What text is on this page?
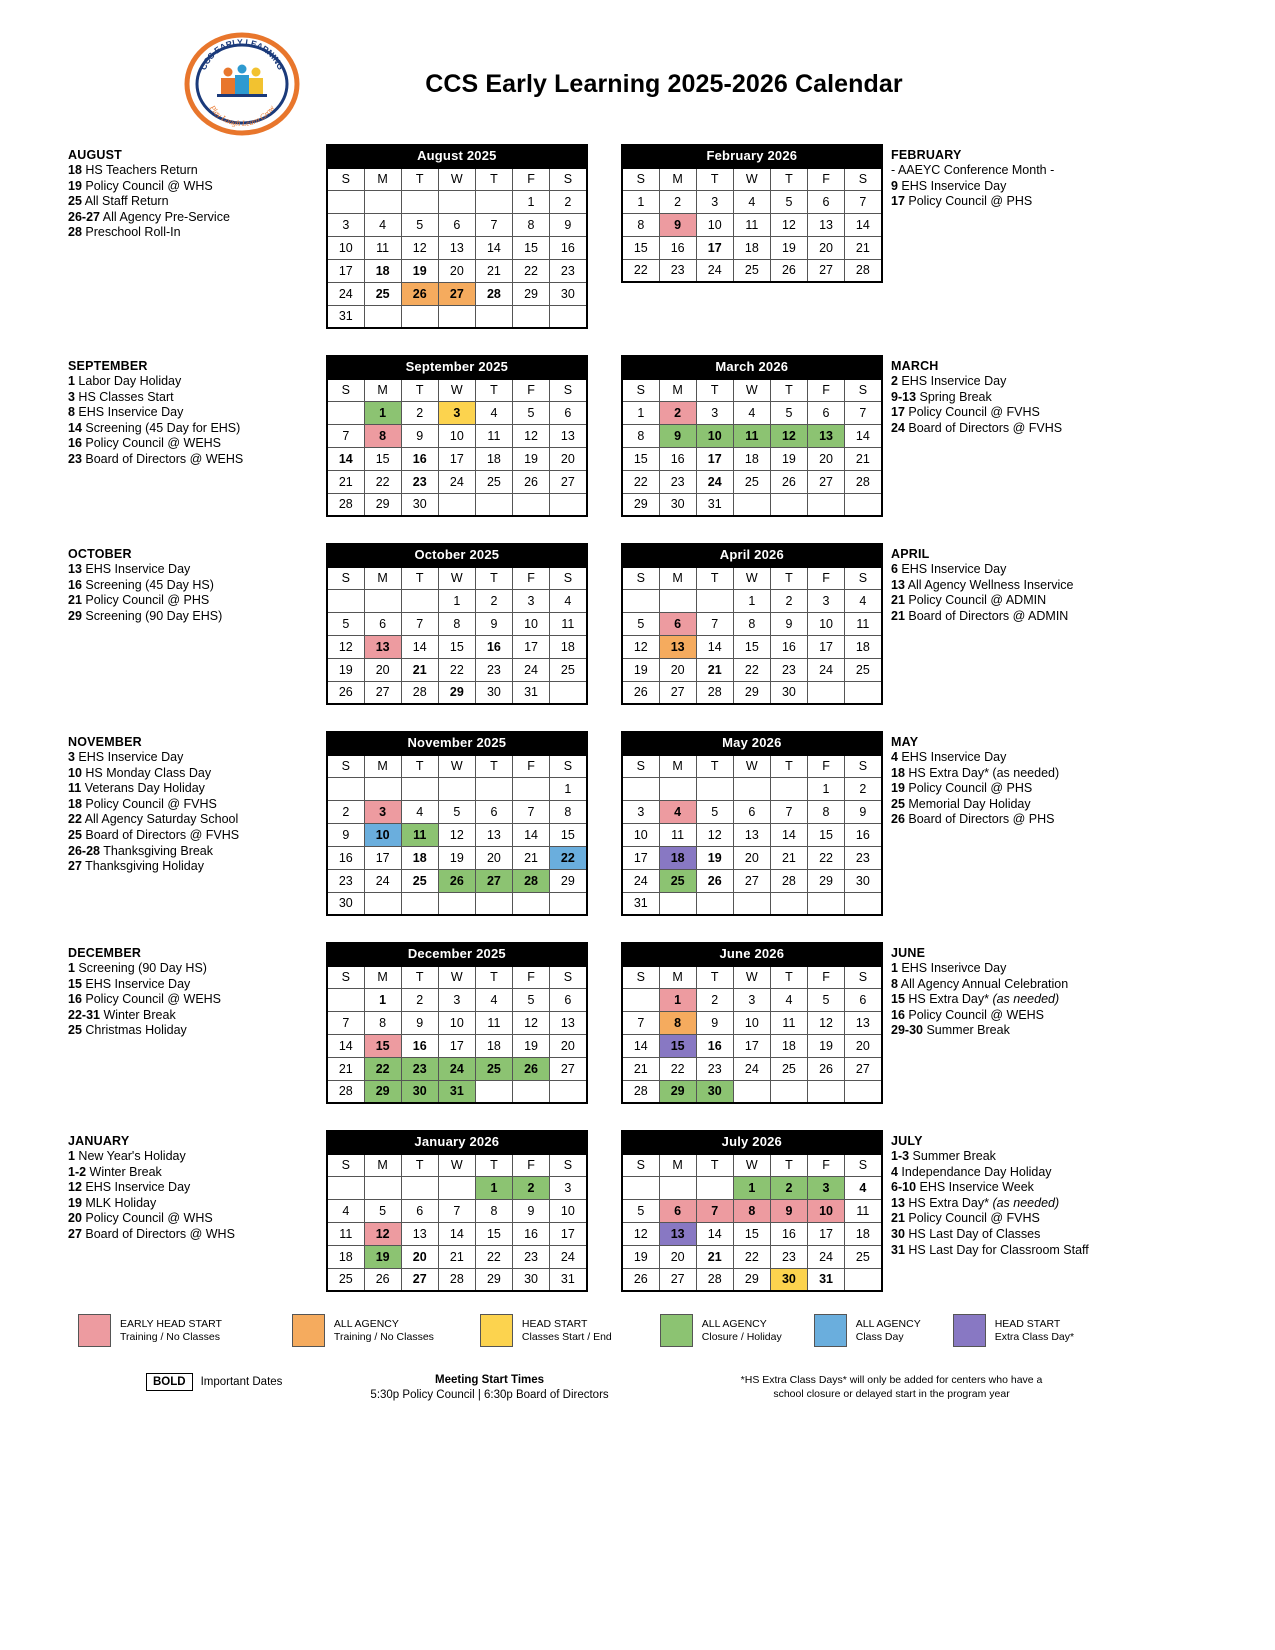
CCS EARLY LEARNING
Play Laugh Learn Grow
CCS Early Learning 2025-2026 Calendar
AUGUST
18 HS Teachers Return
19 Policy Council @ WHS
25 All Staff Return
26-27 All Agency Pre-Service
28 Preschool Roll-In
August 2025
S	M	T	W	T	F	S
					1	2
3	4	5	6	7	8	9
10	11	12	13	14	15	16
17	18	19	20	21	22	23
24	25	26	27	28	29	30
31						
February 2026
S	M	T	W	T	F	S
1	2	3	4	5	6	7
8	9	10	11	12	13	14
15	16	17	18	19	20	21
22	23	24	25	26	27	28
FEBRUARY
- AAEYC Conference Month -
9 EHS Inservice Day
17 Policy Council @ PHS
SEPTEMBER
1 Labor Day Holiday
3 HS Classes Start
8 EHS Inservice Day
14 Screening (45 Day for EHS)
16 Policy Council @ WEHS
23 Board of Directors @ WEHS
September 2025
S	M	T	W	T	F	S
	1	2	3	4	5	6
7	8	9	10	11	12	13
14	15	16	17	18	19	20
21	22	23	24	25	26	27
28	29	30				
March 2026
S	M	T	W	T	F	S
1	2	3	4	5	6	7
8	9	10	11	12	13	14
15	16	17	18	19	20	21
22	23	24	25	26	27	28
29	30	31				
MARCH
2 EHS Inservice Day
9-13 Spring Break
17 Policy Council @ FVHS
24 Board of Directors @ FVHS
OCTOBER
13 EHS Inservice Day
16 Screening (45 Day HS)
21 Policy Council @ PHS
29 Screening (90 Day EHS)
October 2025
S	M	T	W	T	F	S
			1	2	3	4
5	6	7	8	9	10	11
12	13	14	15	16	17	18
19	20	21	22	23	24	25
26	27	28	29	30	31	
April 2026
S	M	T	W	T	F	S
			1	2	3	4
5	6	7	8	9	10	11
12	13	14	15	16	17	18
19	20	21	22	23	24	25
26	27	28	29	30		
APRIL
6 EHS Inservice Day
13 All Agency Wellness Inservice
21 Policy Council @ ADMIN
21 Board of Directors @ ADMIN
NOVEMBER
3 EHS Inservice Day
10 HS Monday Class Day
11 Veterans Day Holiday
18 Policy Council @ FVHS
22 All Agency Saturday School
25 Board of Directors @ FVHS
26-28 Thanksgiving Break
27 Thanksgiving Holiday
November 2025
S	M	T	W	T	F	S
						1
2	3	4	5	6	7	8
9	10	11	12	13	14	15
16	17	18	19	20	21	22
23	24	25	26	27	28	29
30						
May 2026
S	M	T	W	T	F	S
					1	2
3	4	5	6	7	8	9
10	11	12	13	14	15	16
17	18	19	20	21	22	23
24	25	26	27	28	29	30
31						
MAY
4 EHS Inservice Day
18 HS Extra Day* (as needed)
19 Policy Council @ PHS
25 Memorial Day Holiday
26 Board of Directors @ PHS
DECEMBER
1 Screening (90 Day HS)
15 EHS Inservice Day
16 Policy Council @ WEHS
22-31 Winter Break
25 Christmas Holiday
December 2025
S	M	T	W	T	F	S
	1	2	3	4	5	6
7	8	9	10	11	12	13
14	15	16	17	18	19	20
21	22	23	24	25	26	27
28	29	30	31			
June 2026
S	M	T	W	T	F	S
	1	2	3	4	5	6
7	8	9	10	11	12	13
14	15	16	17	18	19	20
21	22	23	24	25	26	27
28	29	30				
JUNE
1 EHS Inserivce Day
8 All Agency Annual Celebration
15 HS Extra Day* (as needed)
16 Policy Council @ WEHS
29-30 Summer Break
JANUARY
1 New Year's Holiday
1-2 Winter Break
12 EHS Inservice Day
19 MLK Holiday
20 Policy Council @ WHS
27 Board of Directors @ WHS
January 2026
S	M	T	W	T	F	S
				1	2	3
4	5	6	7	8	9	10
11	12	13	14	15	16	17
18	19	20	21	22	23	24
25	26	27	28	29	30	31
July 2026
S	M	T	W	T	F	S
			1	2	3	4
5	6	7	8	9	10	11
12	13	14	15	16	17	18
19	20	21	22	23	24	25
26	27	28	29	30	31	
JULY
1-3 Summer Break
4 Independance Day Holiday
6-10 EHS Inservice Week
13 HS Extra Day* (as needed)
21 Policy Council @ FVHS
30 HS Last Day of Classes
31 HS Last Day for Classroom Staff
EARLY HEAD START
Training / No Classes
ALL AGENCY
Training / No Classes
HEAD START
Classes Start / End
ALL AGENCY
Closure / Holiday
ALL AGENCY
Class Day
HEAD START
Extra Class Day*
BOLD	Important Dates	Meeting Start Times
5:30p Policy Council | 6:30p Board of Directors
*HS Extra Class Days* will only be added for centers who have a
school closure or delayed start in the program year
